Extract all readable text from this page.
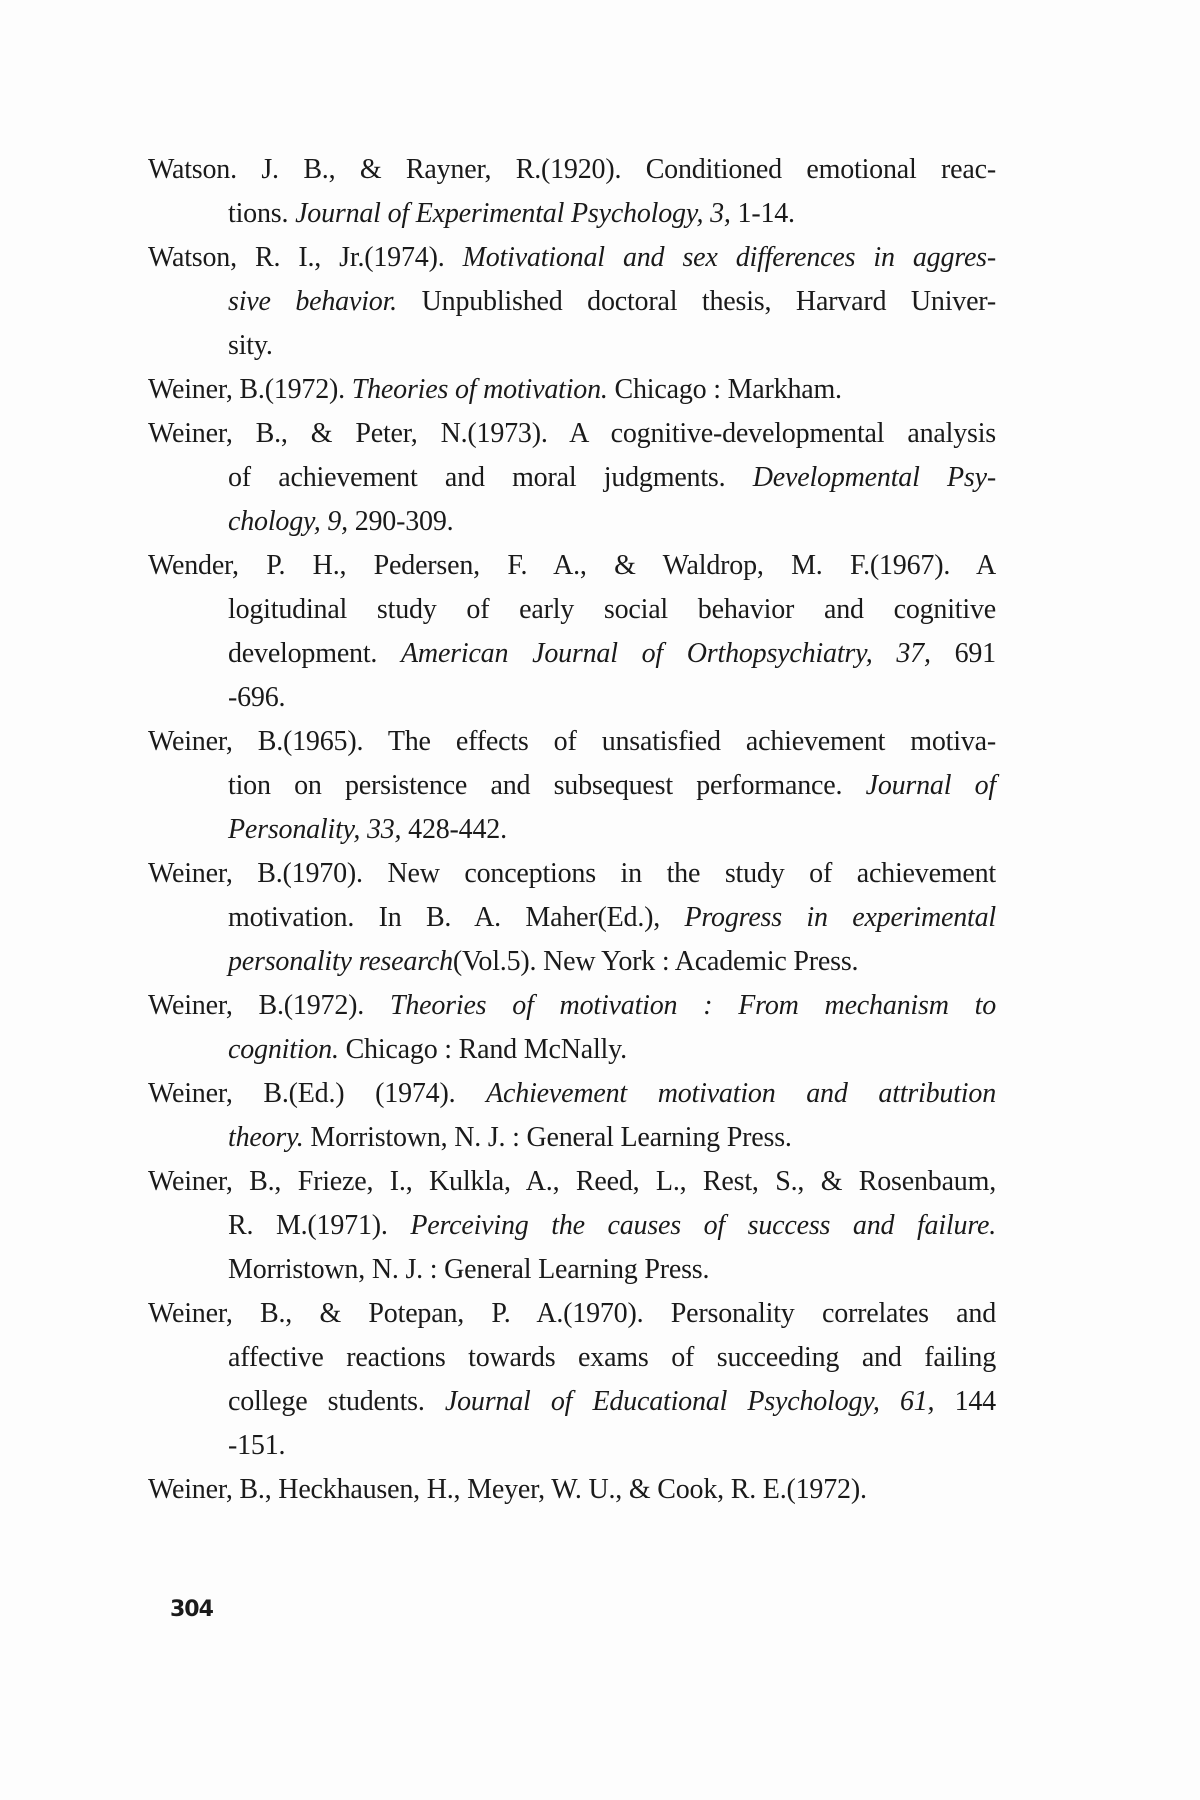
Watson. J. B., & Rayner, R.(1920). Conditioned emotional reac-
tions. Journal of Experimental Psychology, 3, 1-14.
Watson, R. I., Jr.(1974). Motivational and sex differences in aggres-
sive behavior. Unpublished doctoral thesis, Harvard Univer-
sity.
Weiner, B.(1972). Theories of motivation. Chicago : Markham.
Weiner, B., & Peter, N.(1973). A cognitive-developmental analysis
of achievement and moral judgments. Developmental Psy-
chology, 9, 290-309.
Wender, P. H., Pedersen, F. A., & Waldrop, M. F.(1967). A
logitudinal study of early social behavior and cognitive
development. American Journal of Orthopsychiatry, 37, 691
-696.
Weiner, B.(1965). The effects of unsatisfied achievement motiva-
tion on persistence and subsequest performance. Journal of
Personality, 33, 428-442.
Weiner, B.(1970). New conceptions in the study of achievement
motivation. In B. A. Maher(Ed.), Progress in experimental
personality research(Vol.5). New York : Academic Press.
Weiner, B.(1972). Theories of motivation : From mechanism to
cognition. Chicago : Rand McNally.
Weiner, B.(Ed.) (1974). Achievement motivation and attribution
theory. Morristown, N. J. : General Learning Press.
Weiner, B., Frieze, I., Kulkla, A., Reed, L., Rest, S., & Rosenbaum,
R. M.(1971). Perceiving the causes of success and failure.
Morristown, N. J. : General Learning Press.
Weiner, B., & Potepan, P. A.(1970). Personality correlates and
affective reactions towards exams of succeeding and failing
college students. Journal of Educational Psychology, 61, 144
-151.
Weiner, B., Heckhausen, H., Meyer, W. U., & Cook, R. E.(1972).
304
